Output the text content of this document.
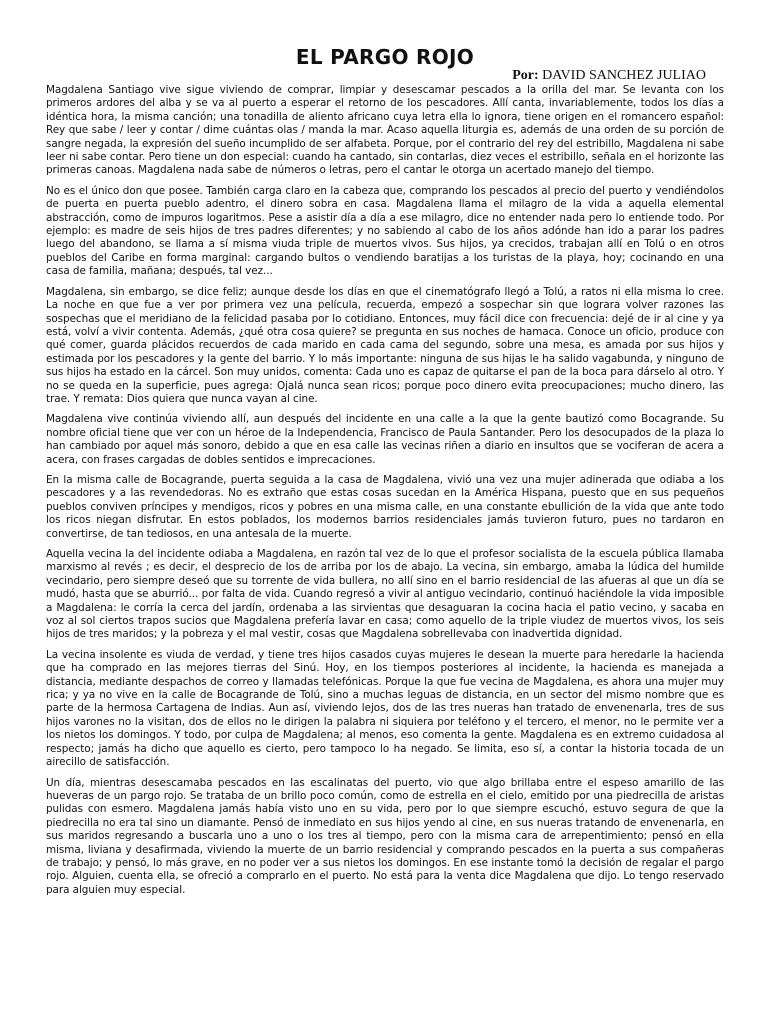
EL PARGO ROJO
Por: DAVID SANCHEZ JULIAO

Magdalena Santiago vive sigue viviendo de comprar, limpiar y desescamar pescados a la orilla del mar. Se levanta con los primeros ardores del alba y se va al puerto a esperar el retorno de los pescadores. Allí canta, invariablemente, todos los días a idéntica hora, la misma canción; una tonadilla de aliento africano cuya letra ella lo ignora, tiene origen en el romancero español: Rey que sabe / leer y contar / dime cuántas olas / manda la mar. Acaso aquella liturgia es, además de una orden de su porción de sangre negada, la expresión del sueño incumplido de ser alfabeta. Porque, por el contrario del rey del estribillo, Magdalena ni sabe leer ni sabe contar. Pero tiene un don especial: cuando ha cantado, sin contarlas, diez veces el estribillo, señala en el horizonte las primeras canoas. Magdalena nada sabe de números o letras, pero el cantar le otorga un acertado manejo del tiempo.

No es el único don que posee. También carga claro en la cabeza que, comprando los pescados al precio del puerto y vendiéndolos de puerta en puerta pueblo adentro, el dinero sobra en casa. Magdalena llama el milagro de la vida a aquella elemental abstracción, como de impuros logaritmos. Pese a asistir día a día a ese milagro, dice no entender nada pero lo entiende todo. Por ejemplo: es madre de seis hijos de tres padres diferentes; y no sabiendo al cabo de los años adónde han ido a parar los padres luego del abandono, se llama a sí misma viuda triple de muertos vivos. Sus hijos, ya crecidos, trabajan allí en Tolú o en otros pueblos del Caribe en forma marginal: cargando bultos o vendiendo baratijas a los turistas de la playa, hoy; cocinando en una casa de familia, mañana; después, tal vez...

Magdalena, sin embargo, se dice feliz; aunque desde los días en que el cinematógrafo llegó a Tolú, a ratos ni ella misma lo cree. La noche en que fue a ver por primera vez una película, recuerda, empezó a sospechar sin que lograra volver razones las sospechas que el meridiano de la felicidad pasaba por lo cotidiano. Entonces, muy fácil dice con frecuencia: dejé de ir al cine y ya está, volví a vivir contenta. Además, ¿qué otra cosa quiere? se pregunta en sus noches de hamaca. Conoce un oficio, produce con qué comer, guarda plácidos recuerdos de cada marido en cada cama del segundo, sobre una mesa, es amada por sus hijos y estimada por los pescadores y la gente del barrio. Y lo más importante: ninguna de sus hijas le ha salido vagabunda, y ninguno de sus hijos ha estado en la cárcel. Son muy unidos, comenta: Cada uno es capaz de quitarse el pan de la boca para dárselo al otro. Y no se queda en la superficie, pues agrega: Ojalá nunca sean ricos; porque poco dinero evita preocupaciones; mucho dinero, las trae. Y remata: Dios quiera que nunca vayan al cine.

Magdalena vive continúa viviendo allí, aun después del incidente en una calle a la que la gente bautizó como Bocagrande. Su nombre oficial tiene que ver con un héroe de la Independencia, Francisco de Paula Santander. Pero los desocupados de la plaza lo han cambiado por aquel más sonoro, debido a que en esa calle las vecinas riñen a diario en insultos que se vociferan de acera a acera, con frases cargadas de dobles sentidos e imprecaciones.

En la misma calle de Bocagrande, puerta seguida a la casa de Magdalena, vivió una vez una mujer adinerada que odiaba a los pescadores y a las revendedoras. No es extraño que estas cosas sucedan en la América Hispana, puesto que en sus pequeños pueblos conviven príncipes y mendigos, ricos y pobres en una misma calle, en una constante ebullición de la vida que ante todo los ricos niegan disfrutar. En estos poblados, los modernos barrios residenciales jamás tuvieron futuro, pues no tardaron en convertirse, de tan tediosos, en una antesala de la muerte.

Aquella vecina la del incidente odiaba a Magdalena, en razón tal vez de lo que el profesor socialista de la escuela pública llamaba marxismo al revés ; es decir, el desprecio de los de arriba por los de abajo. La vecina, sin embargo, amaba la lúdica del humilde vecindario, pero siempre deseó que su torrente de vida bullera, no allí sino en el barrio residencial de las afueras al que un día se mudó, hasta que se aburrió... por falta de vida. Cuando regresó a vivir al antiguo vecindario, continuó haciéndole la vida imposible a Magdalena: le corría la cerca del jardín, ordenaba a las sirvientas que desaguaran la cocina hacia el patio vecino, y sacaba en voz al sol ciertos trapos sucios que Magdalena prefería lavar en casa; como aquello de la triple viudez de muertos vivos, los seis hijos de tres maridos; y la pobreza y el mal vestir, cosas que Magdalena sobrellevaba con inadvertida dignidad.

La vecina insolente es viuda de verdad, y tiene tres hijos casados cuyas mujeres le desean la muerte para heredarle la hacienda que ha comprado en las mejores tierras del Sinú. Hoy, en los tiempos posteriores al incidente, la hacienda es manejada a distancia, mediante despachos de correo y llamadas telefónicas. Porque la que fue vecina de Magdalena, es ahora una mujer muy rica; y ya no vive en la calle de Bocagrande de Tolú, sino a muchas leguas de distancia, en un sector del mismo nombre que es parte de la hermosa Cartagena de Indias. Aun así, viviendo lejos, dos de las tres nueras han tratado de envenenarla, tres de sus hijos varones no la visitan, dos de ellos no le dirigen la palabra ni siquiera por teléfono y el tercero, el menor, no le permite ver a los nietos los domingos. Y todo, por culpa de Magdalena; al menos, eso comenta la gente. Magdalena es en extremo cuidadosa al respecto; jamás ha dicho que aquello es cierto, pero tampoco lo ha negado. Se limita, eso sí, a contar la historia tocada de un airecillo de satisfacción.

Un día, mientras desescamaba pescados en las escalinatas del puerto, vio que algo brillaba entre el espeso amarillo de las hueveras de un pargo rojo. Se trataba de un brillo poco común, como de estrella en el cielo, emitido por una piedrecilla de aristas pulidas con esmero. Magdalena jamás había visto uno en su vida, pero por lo que siempre escuchó, estuvo segura de que la piedrecilla no era tal sino un diamante. Pensó de inmediato en sus hijos yendo al cine, en sus nueras tratando de envenenarla, en sus maridos regresando a buscarla uno a uno o los tres al tiempo, pero con la misma cara de arrepentimiento; pensó en ella misma, liviana y desafirmada, viviendo la muerte de un barrio residencial y comprando pescados en la puerta a sus compañeras de trabajo; y pensó, lo más grave, en no poder ver a sus nietos los domingos. En ese instante tomó la decisión de regalar el pargo rojo. Alguien, cuenta ella, se ofreció a comprarlo en el puerto. No está para la venta dice Magdalena que dijo. Lo tengo reservado para alguien muy especial.
